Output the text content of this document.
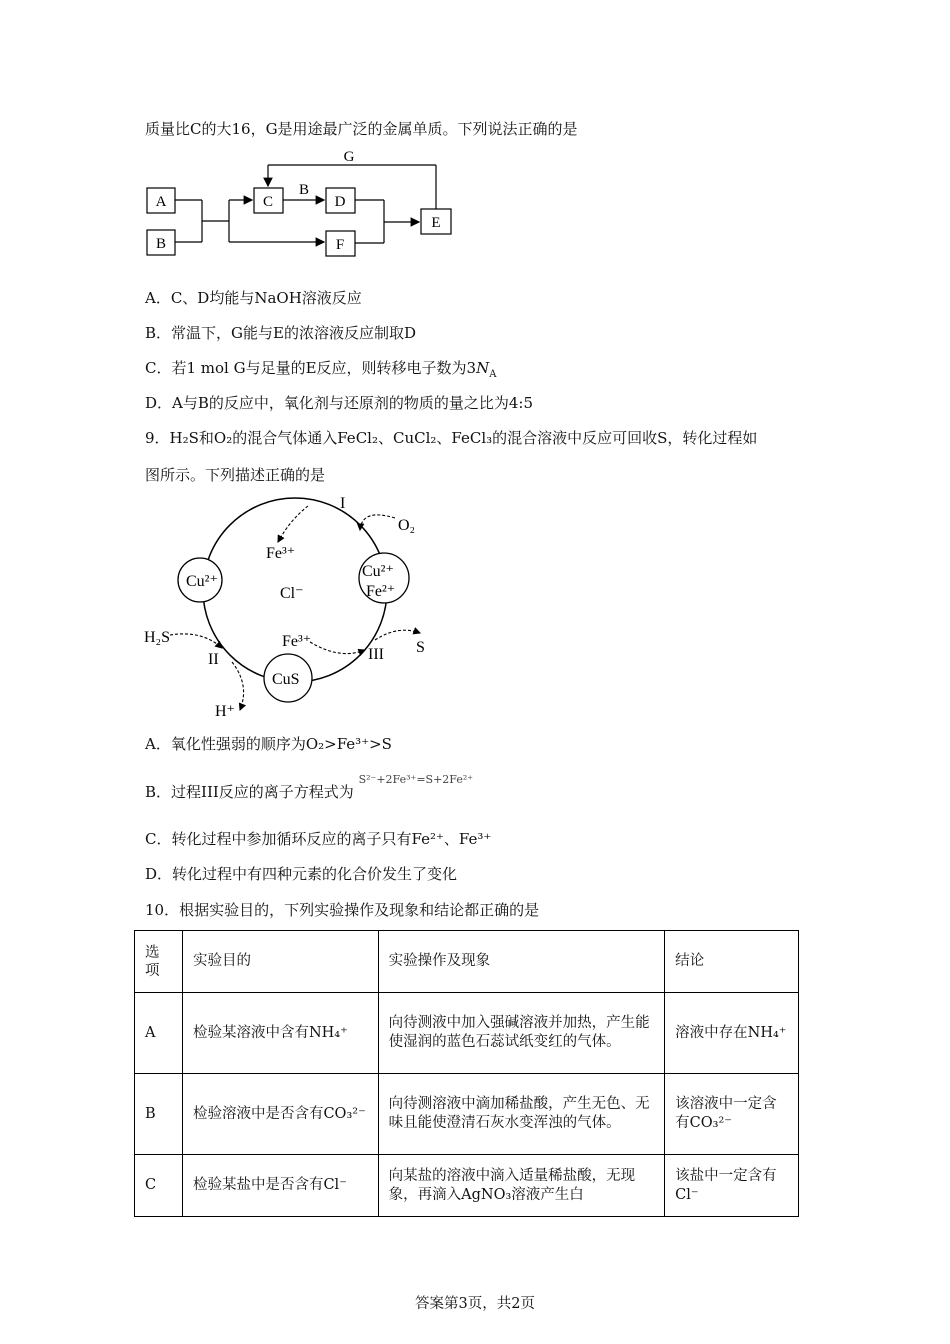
质量比C的大16，G是用途最广泛的金属单质。下列说法正确的是
A
B
C	D
F
E
G
B
A．C、D均能与NaOH溶液反应
B．常温下，G能与E的浓溶液反应制取D
C．若1 mol G与足量的E反应，则转移电子数为$3N_A$
D．A与B的反应中，氧化剂与还原剂的物质的量之比为4:5
9．H₂S和O₂的混合气体通入FeCl₂、CuCl₂、FeCl₃的混合溶液中反应可回收S，转化过程如
图所示。下列描述正确的是
I
O₂
Fe³⁺
Cl⁻
Cu²⁺
Cu²⁺
Fe²⁺
H₂S
II
Fe³⁺
III S
CuS
H⁺
A．氧化性强弱的顺序为O₂>Fe³⁺>S
B．过程III反应的离子方程式为 $^{S^{2-}+2Fe^{3+}=S+2Fe^{2+}}$
C．转化过程中参加循环反应的离子只有Fe²⁺、Fe³⁺
D．转化过程中有四种元素的化合价发生了变化
10．根据实验目的，下列实验操作及现象和结论都正确的是
选项	实验目的	实验操作及现象	结论
A	检验某溶液中含有NH₄⁺	向待测液中加入强碱溶液并加热，产生能使湿润的蓝色石蕊试纸变红的气体。	溶液中存在NH₄⁺
B	检验溶液中是否含有CO₃²⁻	向待测溶液中滴加稀盐酸，产生无色、无味且能使澄清石灰水变浑浊的气体。	该溶液中一定含有CO₃²⁻
C	检验某盐中是否含有Cl⁻	向某盐的溶液中滴入适量稀盐酸，无现象，再滴入AgNO₃溶液产生白	该盐中一定含有Cl⁻
答案第3页，共2页
